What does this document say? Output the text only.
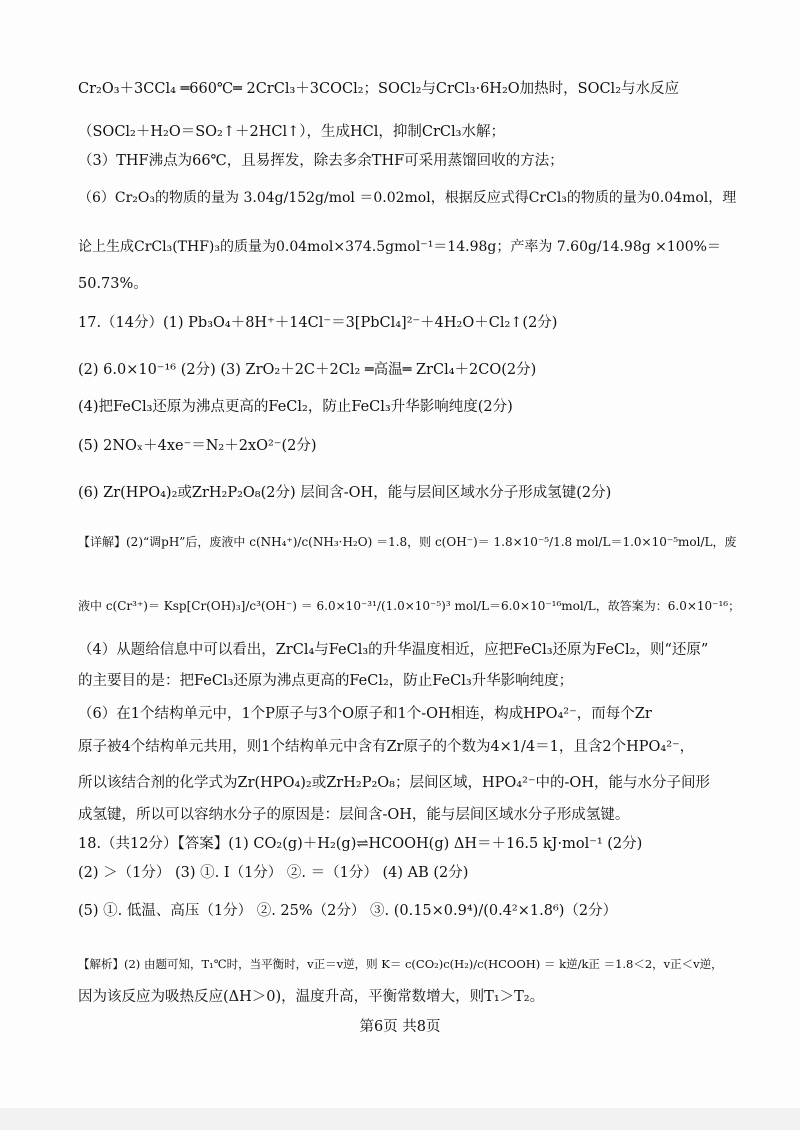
Cr₂O₃＋3CCl₄ ═660℃═ 2CrCl₃＋3COCl₂；SOCl₂与CrCl₃·6H₂O加热时，SOCl₂与水反应
（SOCl₂＋H₂O＝SO₂↑＋2HCl↑），生成HCl，抑制CrCl₃水解；
（3）THF沸点为66℃，且易挥发，除去多余THF可采用蒸馏回收的方法；
（6）Cr₂O₃的物质的量为 3.04g/152g/mol ＝0.02mol，根据反应式得CrCl₃的物质的量为0.04mol，理
论上生成CrCl₃(THF)₃的质量为0.04mol×374.5gmol⁻¹＝14.98g；产率为 7.60g/14.98g ×100%＝
50.73%。
17.（14分）(1) Pb₃O₄＋8H⁺＋14Cl⁻＝3[PbCl₄]²⁻＋4H₂O＋Cl₂↑(2分)
(2) 6.0×10⁻¹⁶ (2分) (3) ZrO₂＋2C＋2Cl₂ ═高温═ ZrCl₄＋2CO(2分)
(4)把FeCl₃还原为沸点更高的FeCl₂，防止FeCl₃升华影响纯度(2分)
(5) 2NOₓ＋4xe⁻＝N₂＋2xO²⁻(2分)
(6) Zr(HPO₄)₂或ZrH₂P₂O₈(2分) 层间含-OH，能与层间区域水分子形成氢键(2分)
【详解】(2)“调pH”后，废液中 c(NH₄⁺)/c(NH₃·H₂O) ＝1.8，则 c(OH⁻)＝ 1.8×10⁻⁵/1.8 mol/L＝1.0×10⁻⁵mol/L，废
液中 c(Cr³⁺)＝ Ksp[Cr(OH)₃]/c³(OH⁻) ＝ 6.0×10⁻³¹/(1.0×10⁻⁵)³ mol/L＝6.0×10⁻¹⁶mol/L，故答案为：6.0×10⁻¹⁶；
（4）从题给信息中可以看出，ZrCl₄与FeCl₃的升华温度相近，应把FeCl₃还原为FeCl₂，则“还原”
的主要目的是：把FeCl₃还原为沸点更高的FeCl₂，防止FeCl₃升华影响纯度；
（6）在1个结构单元中，1个P原子与3个O原子和1个-OH相连，构成HPO₄²⁻，而每个Zr
原子被4个结构单元共用，则1个结构单元中含有Zr原子的个数为4×1/4＝1，且含2个HPO₄²⁻，
所以该结合剂的化学式为Zr(HPO₄)₂或ZrH₂P₂O₈；层间区域，HPO₄²⁻中的-OH，能与水分子间形
成氢键，所以可以容纳水分子的原因是：层间含-OH，能与层间区域水分子形成氢键。
18.（共12分）【答案】(1) CO₂(g)＋H₂(g)⇌HCOOH(g) ΔH＝＋16.5 kJ·mol⁻¹ (2分)
(2) ＞（1分） (3) ①. I（1分） ②. ＝（1分） (4) AB (2分)
(5) ①. 低温、高压（1分） ②. 25%（2分） ③. (0.15×0.9⁴)/(0.4²×1.8⁶)（2分）
【解析】(2) 由题可知，T₁℃时，当平衡时，v正＝v逆，则 K＝ c(CO₂)c(H₂)/c(HCOOH) ＝ k逆/k正 ＝1.8＜2，v正＜v逆，
因为该反应为吸热反应(ΔH＞0)，温度升高，平衡常数增大，则T₁＞T₂。
第6页 共8页
